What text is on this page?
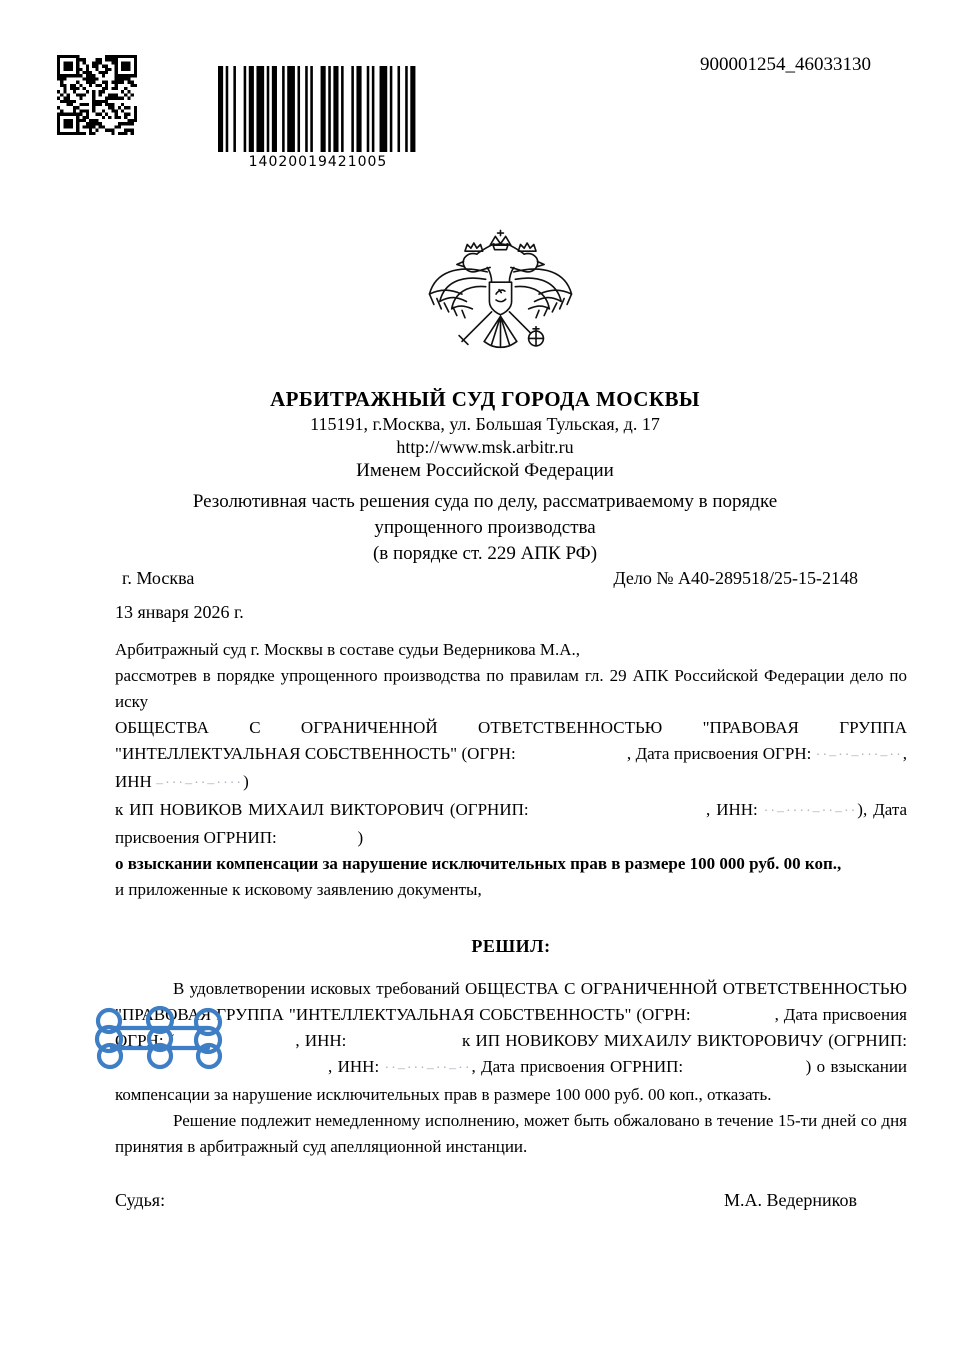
14020019421005
900001254_46033130
АРБИТРАЖНЫЙ СУД ГОРОДА МОСКВЫ
115191, г.Москва, ул. Большая Тульская, д. 17
http://www.msk.arbitr.ru
Именем Российской Федерации
Резолютивная часть решения суда по делу, рассматриваемому в порядке
упрощенного производства
(в порядке ст. 229 АПК РФ)
г. Москва	Дело № А40-289518/25-15-2148
13 января 2026 г.

Арбитражный суд г. Москвы в составе судьи Ведерникова М.А.,

рассмотрев в порядке упрощенного производства по правилам гл. 29 АПК Российской Федерации дело по иску

ОБЩЕСТВА С ОГРАНИЧЕННОЙ ОТВЕТСТВЕННОСТЬЮ "ПРАВОВАЯ ГРУППА "ИНТЕЛЛЕКТУАЛЬНАЯ СОБСТВЕННОСТЬ" (ОГРН:	, Дата присвоения ОГРН: ··–··–···–··, ИНН –···–··–····)

к ИП НОВИКОВ МИХАИЛ ВИКТОРОВИЧ (ОГРНИП:	, ИНН: ··–····–··–··), Дата присвоения ОГРНИП:	)

о взыскании компенсации за нарушение исключительных прав в размере 100 000 руб. 00 коп.,

и приложенные к исковому заявлению документы,

РЕШИЛ:

В удовлетворении исковых требований ОБЩЕСТВА С ОГРАНИЧЕННОЙ ОТВЕТСТВЕННОСТЬЮ "ПРАВОВАЯ ГРУППА "ИНТЕЛЛЕКТУАЛЬНАЯ СОБСТВЕННОСТЬ" (ОГРН:	, Дата присвоения ОГРН: (	, ИНН:	к ИП НОВИКОВУ МИХАИЛУ ВИКТОРОВИЧУ (ОГРНИП:                                         , ИНН: ··–···–··–··, Дата присвоения ОГРНИП:	) о взыскании компенсации за нарушение исключительных прав в размере 100 000 руб. 00 коп., отказать.

Решение подлежит немедленному исполнению, может быть обжаловано в течение 15-ти дней со дня принятия в арбитражный суд апелляционной инстанции.

Судья:	М.А. Ведерников
